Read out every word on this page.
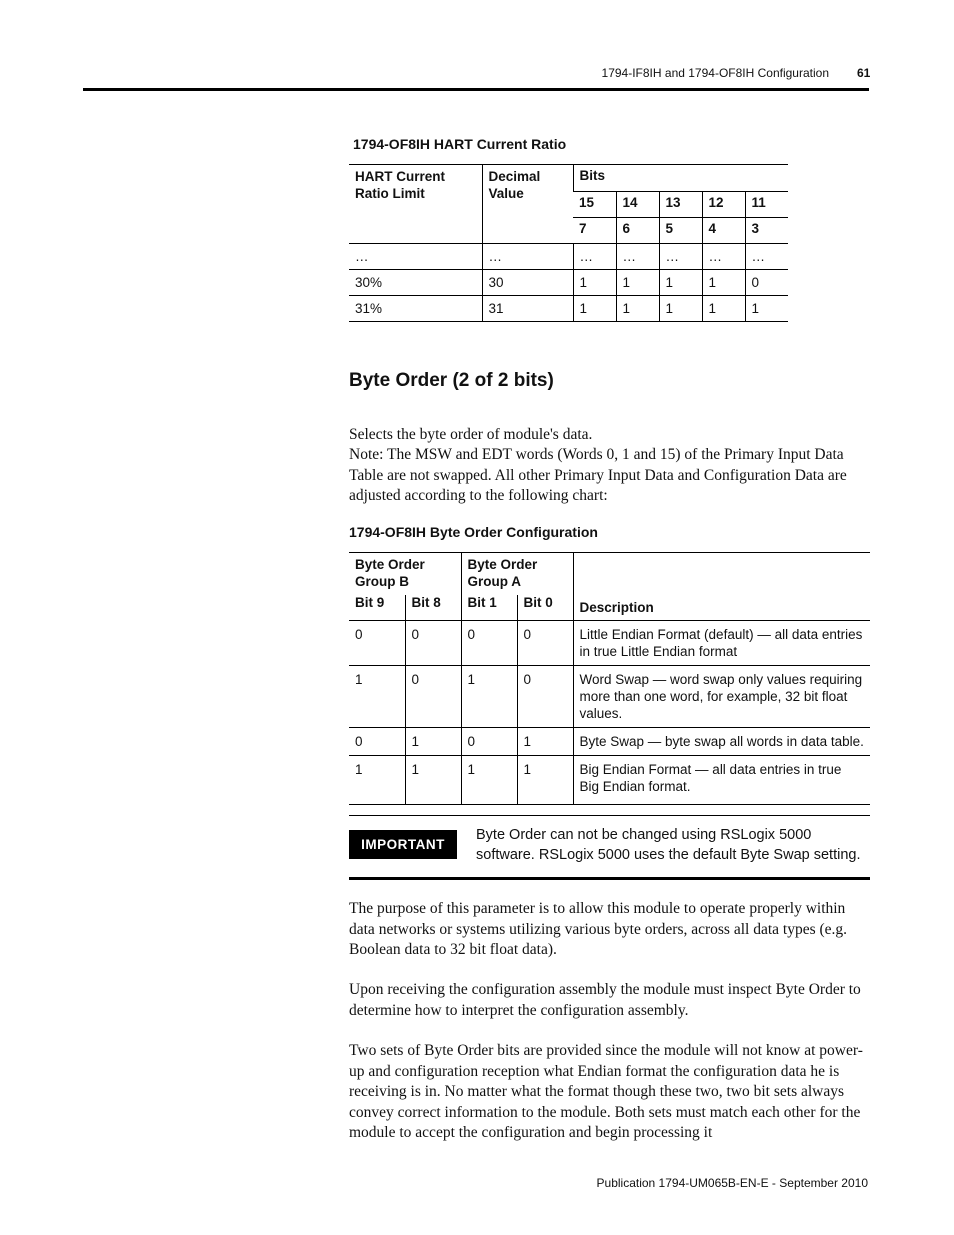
1794-IF8IH and 1794-OF8IH Configuration 61
1794-OF8IH HART Current Ratio
HART Current Ratio Limit	Decimal Value	Bits				
		15	14	13	12	11
		7	6	5	4	3
…	…	…	…	…	…	…
30%	30	1	1	1	1	0
31%	31	1	1	1	1	1
Byte Order (2 of 2 bits)
Selects the byte order of module's data.
Note: The MSW and EDT words (Words 0, 1 and 15) of the Primary Input Data Table are not swapped. All other Primary Input Data and Configuration Data are adjusted according to the following chart:
1794-OF8IH Byte Order Configuration
Byte Order Group B		Byte Order Group A		Description
Bit 9	Bit 8	Bit 1	Bit 0	
0	0	0	0	Little Endian Format (default) — all data entries in true Little Endian format
1	0	1	0	Word Swap — word swap only values requiring more than one word, for example, 32 bit float values.
0	1	0	1	Byte Swap — byte swap all words in data table.
1	1	1	1	Big Endian Format — all data entries in true Big Endian format.
IMPORTANT
Byte Order can not be changed using RSLogix 5000 software. RSLogix 5000 uses the default Byte Swap setting.
The purpose of this parameter is to allow this module to operate properly within data networks or systems utilizing various byte orders, across all data types (e.g. Boolean data to 32 bit float data).
Upon receiving the configuration assembly the module must inspect Byte Order to determine how to interpret the configuration assembly.
Two sets of Byte Order bits are provided since the module will not know at power-up and configuration reception what Endian format the configuration data he is receiving is in. No matter what the format though these two, two bit sets always convey correct information to the module. Both sets must match each other for the module to accept the configuration and begin processing it
Publication 1794-UM065B-EN-E - September 2010
